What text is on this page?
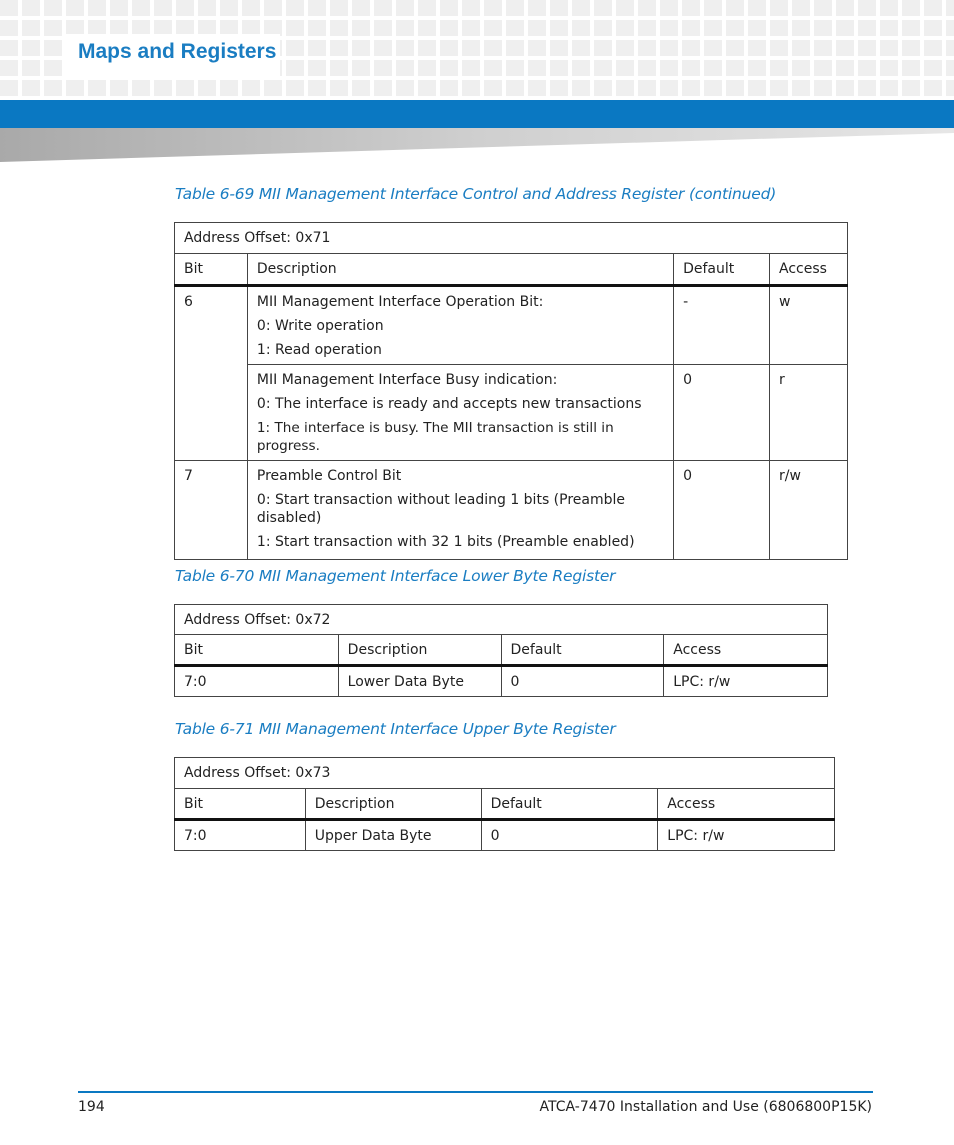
Maps and Registers
Table 6-69 MII Management Interface Control and Address Register (continued)
Address Offset: 0x71			
Bit	Description	Default	Access
6	MII Management Interface Operation Bit:
0: Write operation
1: Read operation	-	w

	MII Management Interface Busy indication:
0: The interface is ready and accepts new transactions
1: The interface is busy. The MII transaction is still in progress.	0	r
7	Preamble Control Bit
0: Start transaction without leading 1 bits (Preamble disabled)
1: Start transaction with 32 1 bits (Preamble enabled)	0	r/w
Table 6-70 MII Management Interface Lower Byte Register
Address Offset: 0x72			
Bit	Description	Default	Access
7:0	Lower Data Byte	0	LPC: r/w
Table 6-71 MII Management Interface Upper Byte Register
Address Offset: 0x73			
Bit	Description	Default	Access
7:0	Upper Data Byte	0	LPC: r/w
194	ATCA-7470 Installation and Use (6806800P15K)
